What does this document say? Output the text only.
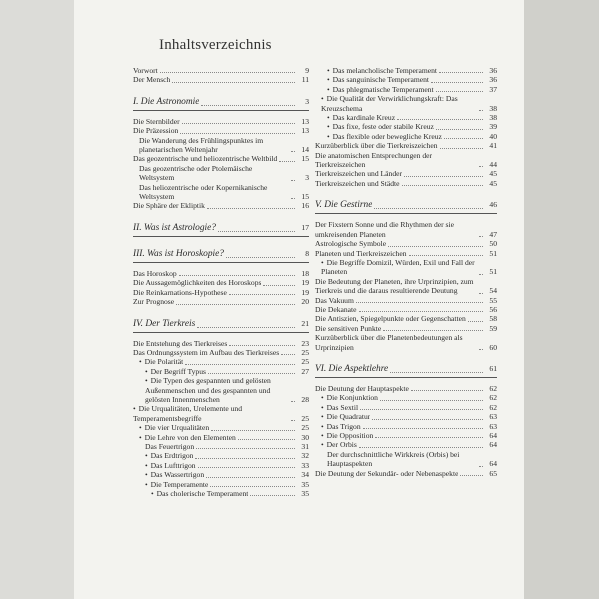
Inhaltsverzeichnis
Vorwort	9
Der Mensch	11
I. Die Astronomie	3
Die Sternbilder	13
Die Präzession	13
Die Wanderung des Frühlingspunktes im planetarischen Weltenjahr	14
Das geozentrische und heliozentrische Weltbild	15
Das geozentrische oder Ptolemäische Weltsystem	3
Das heliozentrische oder Kopernikanische Weltsystem	15
Die Sphäre der Ekliptik	16
II. Was ist Astrologie?	17
III. Was ist Horoskopie?	8
Das Horoskop	18
Die Aussagemöglichkeiten des Horoskops	19
Die Reinkarnations-Hypothese	19
Zur Prognose	20
IV. Der Tierkreis	21
Die Entstehung des Tierkreises	23
Das Ordnungssystem im Aufbau des Tierkreises	25
• Die Polarität	25
• Der Begriff Typus	27
• Die Typen des gespannten und gelösten Außenmenschen und des gespannten und gelösten Innenmenschen	28
• Die Urqualitäten, Urelemente und Temperamentsbegriffe	25
• Die vier Urqualitäten	25
• Die Lehre von den Elementen	30
Das Feuertrigon	31
• Das Erdtrigon	32
• Das Lufttrigon	33
• Das Wassertrigon	34
• Die Temperamente	35
• Das cholerische Temperament	35
• Das melancholische Temperament	36
• Das sanguinische Temperament	36
• Das phlegmatische Temperament	37
• Die Qualität der Verwirklichungskraft: Das Kreuzschema	38
• Das kardinale Kreuz	38
• Das fixe, feste oder stabile Kreuz	39
• Das flexible oder bewegliche Kreuz	40
Kurzüberblick über die Tierkreiszeichen	41
Die anatomischen Entsprechungen der Tierkreiszeichen	44
Tierkreiszeichen und Länder	45
Tierkreiszeichen und Städte	45
V. Die Gestirne	46
Der Fixstern Sonne und die Rhythmen der sie umkreisenden Planeten	47
Astrologische Symbole	50
Planeten und Tierkreiszeichen	51
• Die Begriffe Domizil, Würden, Exil und Fall der Planeten	51
Die Bedeutung der Planeten, ihre Urprinzipien, zum Tierkreis und die daraus resultierende Deutung	54
Das Vakuum	55
Die Dekanate	56
Die Antiszien, Spiegelpunkte oder Gegenschatten	58
Die sensitiven Punkte	59
Kurzüberblick über die Planetenbedeutungen als Urprinzipien	60
VI. Die Aspektlehre	61
Die Deutung der Hauptaspekte	62
• Die Konjunktion	62
• Das Sextil	62
• Die Quadratur	63
• Das Trigon	63
• Die Opposition	64
• Der Orbis	64
Der durchschnittliche Wirkkreis (Orbis) bei Hauptaspekten	64
Die Deutung der Sekundär- oder Nebenaspekte	65
